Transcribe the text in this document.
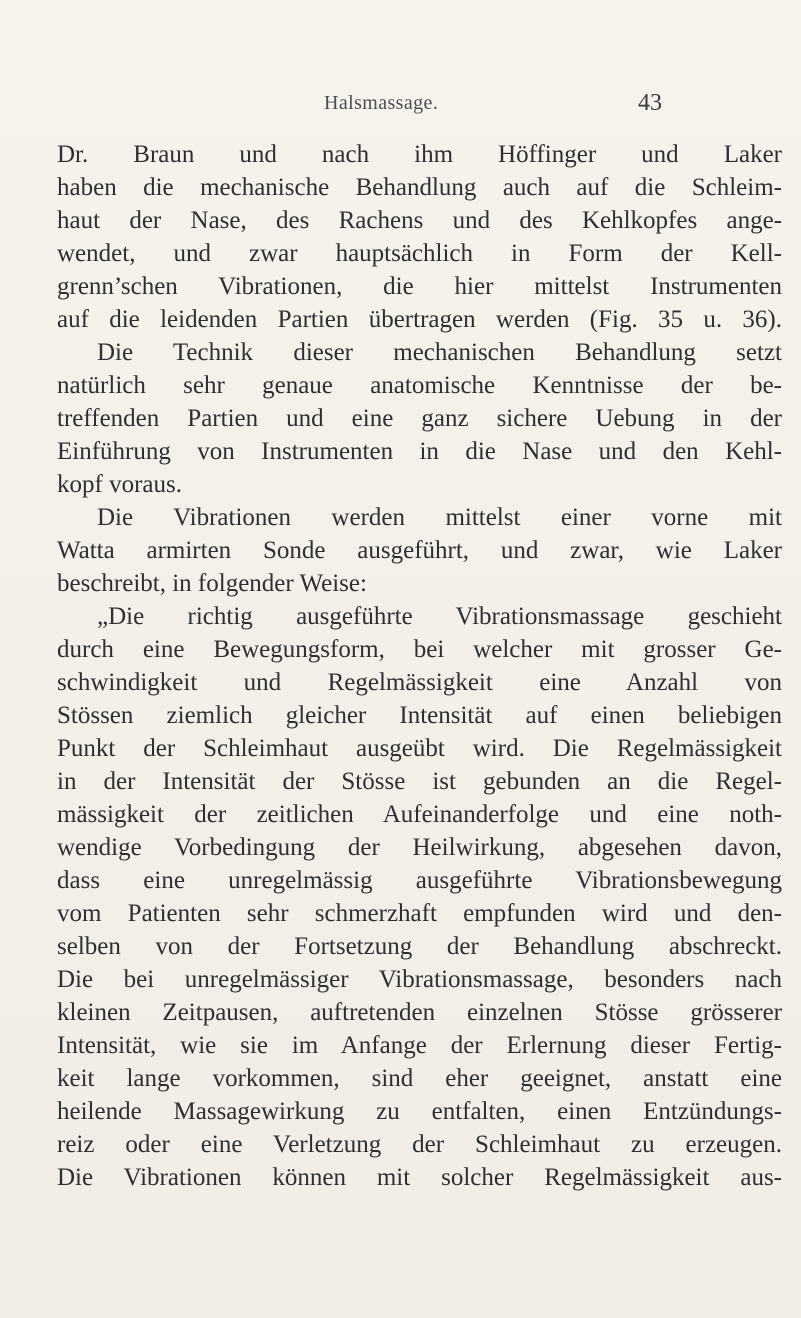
Halsmassage.	43
Dr. Braun und nach ihm Höffinger und Laker
haben die mechanische Behandlung auch auf die Schleim-
haut der Nase, des Rachens und des Kehlkopfes ange-
wendet, und zwar hauptsächlich in Form der Kell-
grenn’schen Vibrationen, die hier mittelst Instrumenten
auf die leidenden Partien übertragen werden (Fig. 35 u. 36).
Die Technik dieser mechanischen Behandlung setzt
natürlich sehr genaue anatomische Kenntnisse der be-
treffenden Partien und eine ganz sichere Uebung in der
Einführung von Instrumenten in die Nase und den Kehl-
kopf voraus.
Die Vibrationen werden mittelst einer vorne mit
Watta armirten Sonde ausgeführt, und zwar, wie Laker
beschreibt, in folgender Weise:
„Die richtig ausgeführte Vibrationsmassage geschieht
durch eine Bewegungsform, bei welcher mit grosser Ge-
schwindigkeit und Regelmässigkeit eine Anzahl von
Stössen ziemlich gleicher Intensität auf einen beliebigen
Punkt der Schleimhaut ausgeübt wird. Die Regelmässigkeit
in der Intensität der Stösse ist gebunden an die Regel-
mässigkeit der zeitlichen Aufeinanderfolge und eine noth-
wendige Vorbedingung der Heilwirkung, abgesehen davon,
dass eine unregelmässig ausgeführte Vibrationsbewegung
vom Patienten sehr schmerzhaft empfunden wird und den-
selben von der Fortsetzung der Behandlung abschreckt.
Die bei unregelmässiger Vibrationsmassage, besonders nach
kleinen Zeitpausen, auftretenden einzelnen Stösse grösserer
Intensität, wie sie im Anfange der Erlernung dieser Fertig-
keit lange vorkommen, sind eher geeignet, anstatt eine
heilende Massagewirkung zu entfalten, einen Entzündungs-
reiz oder eine Verletzung der Schleimhaut zu erzeugen.
Die Vibrationen können mit solcher Regelmässigkeit aus-
